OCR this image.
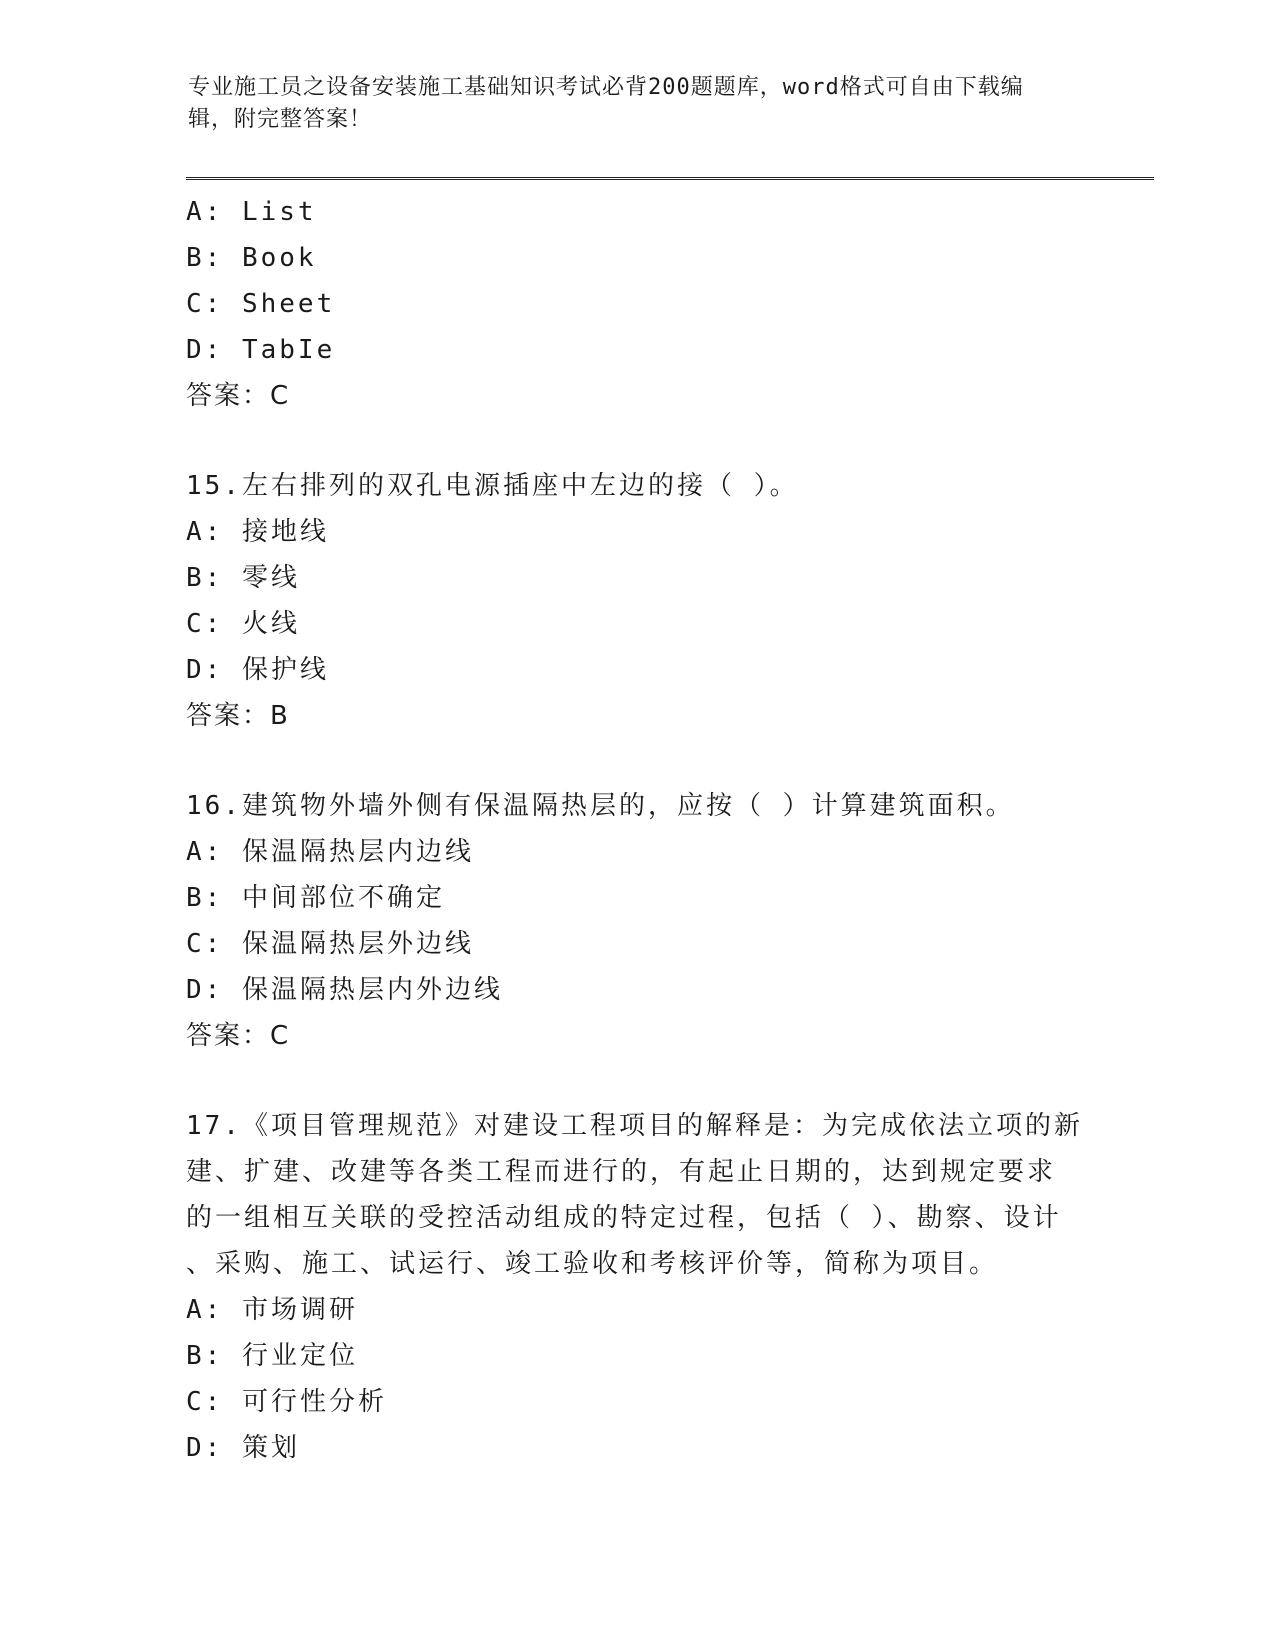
专业施工员之设备安装施工基础知识考试必背200题题库，word格式可自由下载编辑，附完整答案！
A: List
B: Book
C: Sheet
D: TabIe
答案：C
15.左右排列的双孔电源插座中左边的接（ ）。
A: 接地线
B: 零线
C: 火线
D: 保护线
答案：B
16.建筑物外墙外侧有保温隔热层的，应按（ ）计算建筑面积。
A: 保温隔热层内边线
B: 中间部位不确定
C: 保温隔热层外边线
D: 保温隔热层内外边线
答案：C
17.《项目管理规范》对建设工程项目的解释是：为完成依法立项的新
建、扩建、改建等各类工程而进行的，有起止日期的，达到规定要求
的一组相互关联的受控活动组成的特定过程，包括（ ）、勘察、设计
、采购、施工、试运行、竣工验收和考核评价等，简称为项目。
A: 市场调研
B: 行业定位
C: 可行性分析
D: 策划
